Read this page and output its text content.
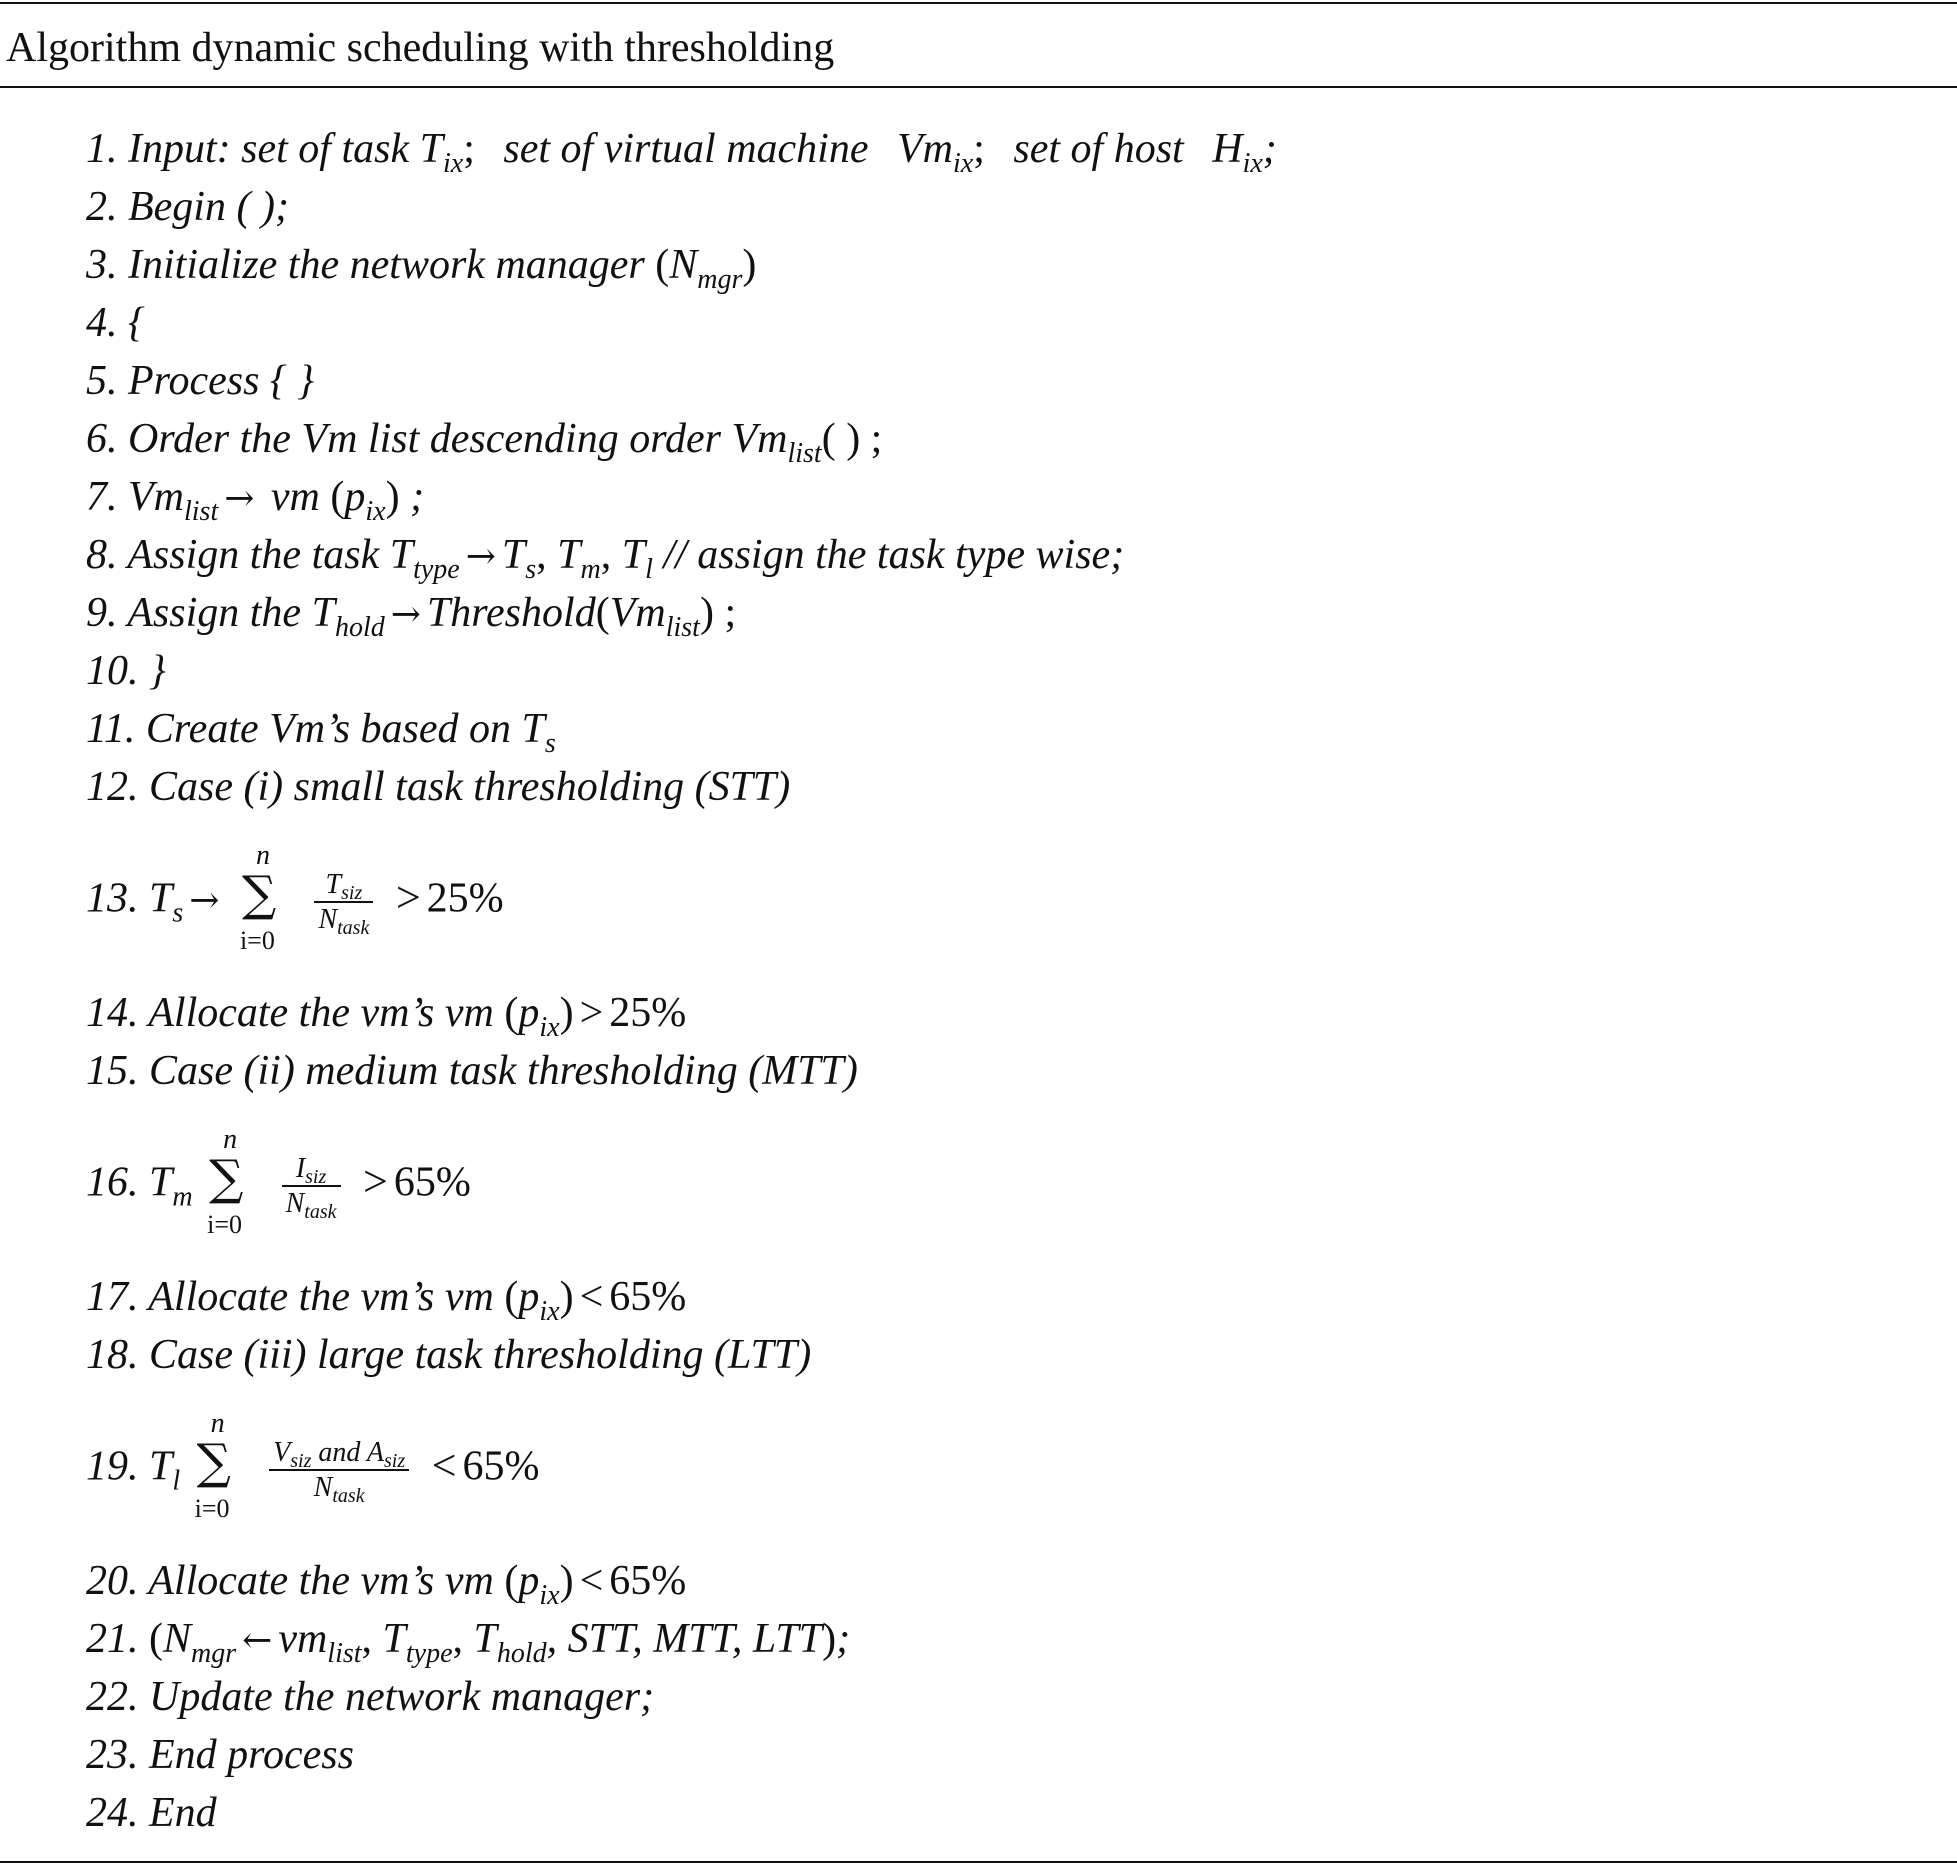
Algorithm dynamic scheduling with thresholding
1. Input: set of task $T_{ix}$; set of virtual machine $Vm_{ix}$; set of host $H_{ix}$;
2. Begin ( );
3. Initialize the network manager $(N_{mgr})$
4. {
5. Process { }
6. Order the Vm list descending order $Vm_{list}$( ) ;
7. $Vm_{list}$ → vm $(p_{ix})$ ;
8. Assign the task $T_{type} \to T_s$, $T_m$, $T_l$ // assign the task type wise;
9. Assign the $T_{hold}$ → $Threshold(Vm_{list})$ ;
10. }
11. Create Vm’s based on $T_s$
12. Case (i) small task thresholding (STT)
13. $T_s$ →
n
∑
i=0

$\frac{T_{siz}}{N_{task}} > 25\%$
14. Allocate the vm’s vm $(p_{ix}) > 25\%$
15. Case (ii) medium task thresholding (MTT)
16. $T_m$
n
∑
i=0

$\frac{I_{siz}}{N_{task}} > 65\%$
17. Allocate the vm’s vm $(p_{ix}) < 65\%$
18. Case (iii) large task thresholding (LTT)
19. $T_l$
n
∑
i=0

$\frac{V_{siz} and A_{siz}}{N_{task}} < 65\%$
20. Allocate the vm’s vm $(p_{ix}) < 65\%$
21. ($N_{mgr}$ ← $vm_{list}$, $T_{type}$, $T_{hold}$, STT, MTT, LTT);
22. Update the network manager;
23. End process
24. End
